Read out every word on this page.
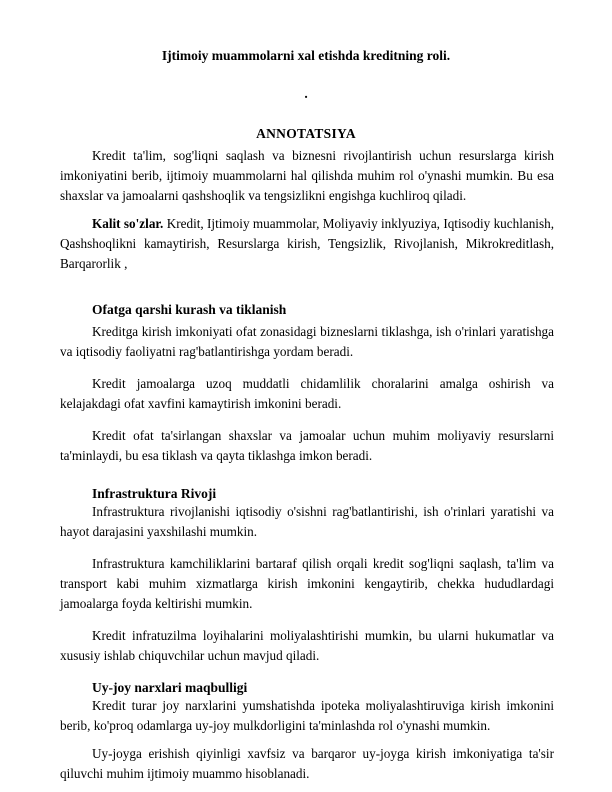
Ijtimoiy muammolarni xal etishda kreditning roli.
.
ANNOTATSIYA

Kredit ta'lim, sog'liqni saqlash va biznesni rivojlantirish uchun resurslarga kirish imkoniyatini berib, ijtimoiy muammolarni hal qilishda muhim rol o'ynashi mumkin. Bu esa shaxslar va jamoalarni qashshoqlik va tengsizlikni engishga kuchliroq qiladi.

Kalit so'zlar. Kredit, Ijtimoiy muammolar, Moliyaviy inklyuziya, Iqtisodiy kuchlanish, Qashshoqlikni kamaytirish, Resurslarga kirish, Tengsizlik, Rivojlanish, Mikrokreditlash, Barqarorlik ,

Ofatga qarshi kurash va tiklanish

Kreditga kirish imkoniyati ofat zonasidagi bizneslarni tiklashga, ish o'rinlari yaratishga va iqtisodiy faoliyatni rag'batlantirishga yordam beradi.

Kredit jamoalarga uzoq muddatli chidamlilik choralarini amalga oshirish va kelajakdagi ofat xavfini kamaytirish imkonini beradi.

Kredit ofat ta'sirlangan shaxslar va jamoalar uchun muhim moliyaviy resurslarni ta'minlaydi, bu esa tiklash va qayta tiklashga imkon beradi.

Infrastruktura Rivoji

Infrastruktura rivojlanishi iqtisodiy o'sishni rag'batlantirishi, ish o'rinlari yaratishi va hayot darajasini yaxshilashi mumkin.

Infrastruktura kamchiliklarini bartaraf qilish orqali kredit sog'liqni saqlash, ta'lim va transport kabi muhim xizmatlarga kirish imkonini kengaytirib, chekka hududlardagi jamoalarga foyda keltirishi mumkin.

Kredit infratuzilma loyihalarini moliyalashtirishi mumkin, bu ularni hukumatlar va xususiy ishlab chiquvchilar uchun mavjud qiladi.

Uy-joy narxlari maqbulligi

Kredit turar joy narxlarini yumshatishda ipoteka moliyalashtiruviga kirish imkonini berib, ko'proq odamlarga uy-joy mulkdorligini ta'minlashda rol o'ynashi mumkin.

Uy-joyga erishish qiyinligi xavfsiz va barqaror uy-joyga kirish imkoniyatiga ta'sir qiluvchi muhim ijtimoiy muammo hisoblanadi.
